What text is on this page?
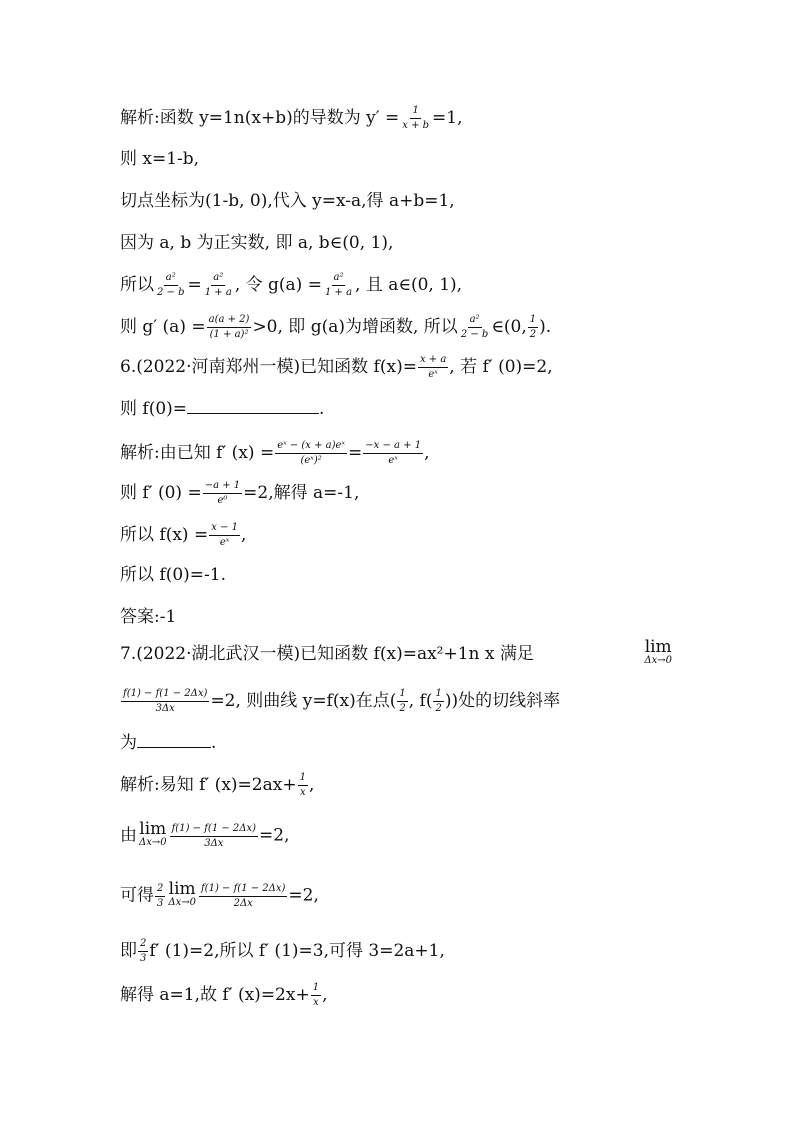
解析:函数 y=1n(x+b)的导数为 $y' = \frac{1}{x + b} =1$,
则 x=1-b,
切点坐标为(1-b, 0),代入 y=x-a,得 a+b=1,
因为 a, b 为正实数, 即 a, b∈(0, 1),
所以 $\frac{\text{a²}}{2 - b} = \frac{\text{a²}}{1 + a}$ , 令 $g(a) = \frac{\text{a²}}{1 + a}$ , 且 a∈(0, 1),
则 g′ $(a) = \frac{a(a + 2)}{\text{(1 + a)²}} >0$, 即 g(a)为增函数, 所以 $\frac{\text{a²}}{2 - b}$ ∈(0, $\frac{1}{2}$ ).
6.(2022·河南郑州一模)已知函数 $f(x)= \frac{x + a}{\text{eˣ}}$ , 若 f′ (0)=2,
则 f(0)=	.
解析:由已知 f′ $(x) = \frac{\text{eˣ − (x + a)eˣ}}{\text{(eˣ)²}} = \frac{-x - a + 1}{\text{eˣ}}$ ,
则 f′ $(0) = \frac{-a + 1}{\text{e⁰}} =2$,解得 a=-1,
所以 $f(x) = \frac{x - 1}{\text{eˣ}}$ ,
所以 f(0)=-1.
答案:-1
7.(2022·湖北武汉一模)已知函数 f(x)=ax²+1n x 满足	lim
Δx→0
$\frac{f(1) - f(1 - 2\Delta x)}{3\Delta x} =2$, 则曲线 y=f(x)在点( $\frac{1}{2}$ , $f( \frac{1}{2}$ ))处的切线斜率
为	.
解析:易知 f′ $(x)=2ax+ \frac{1}{x}$ ,
由 lim
$\Delta x\to 0 \frac{f(1) - f(1 - 2\Delta x)}{3\Delta x} =2$,
可得 $\frac{2}{3}$ lim
$\Delta x\to 0 \frac{f(1) - f(1 - 2\Delta x)}{2\Delta x} =2$,
即 $\frac{2}{3} f'$ (1)=2,所以 f′ (1)=3,可得 3=2a+1,
解得 a=1,故 f′ $(x)=2x+ \frac{1}{x}$ ,
